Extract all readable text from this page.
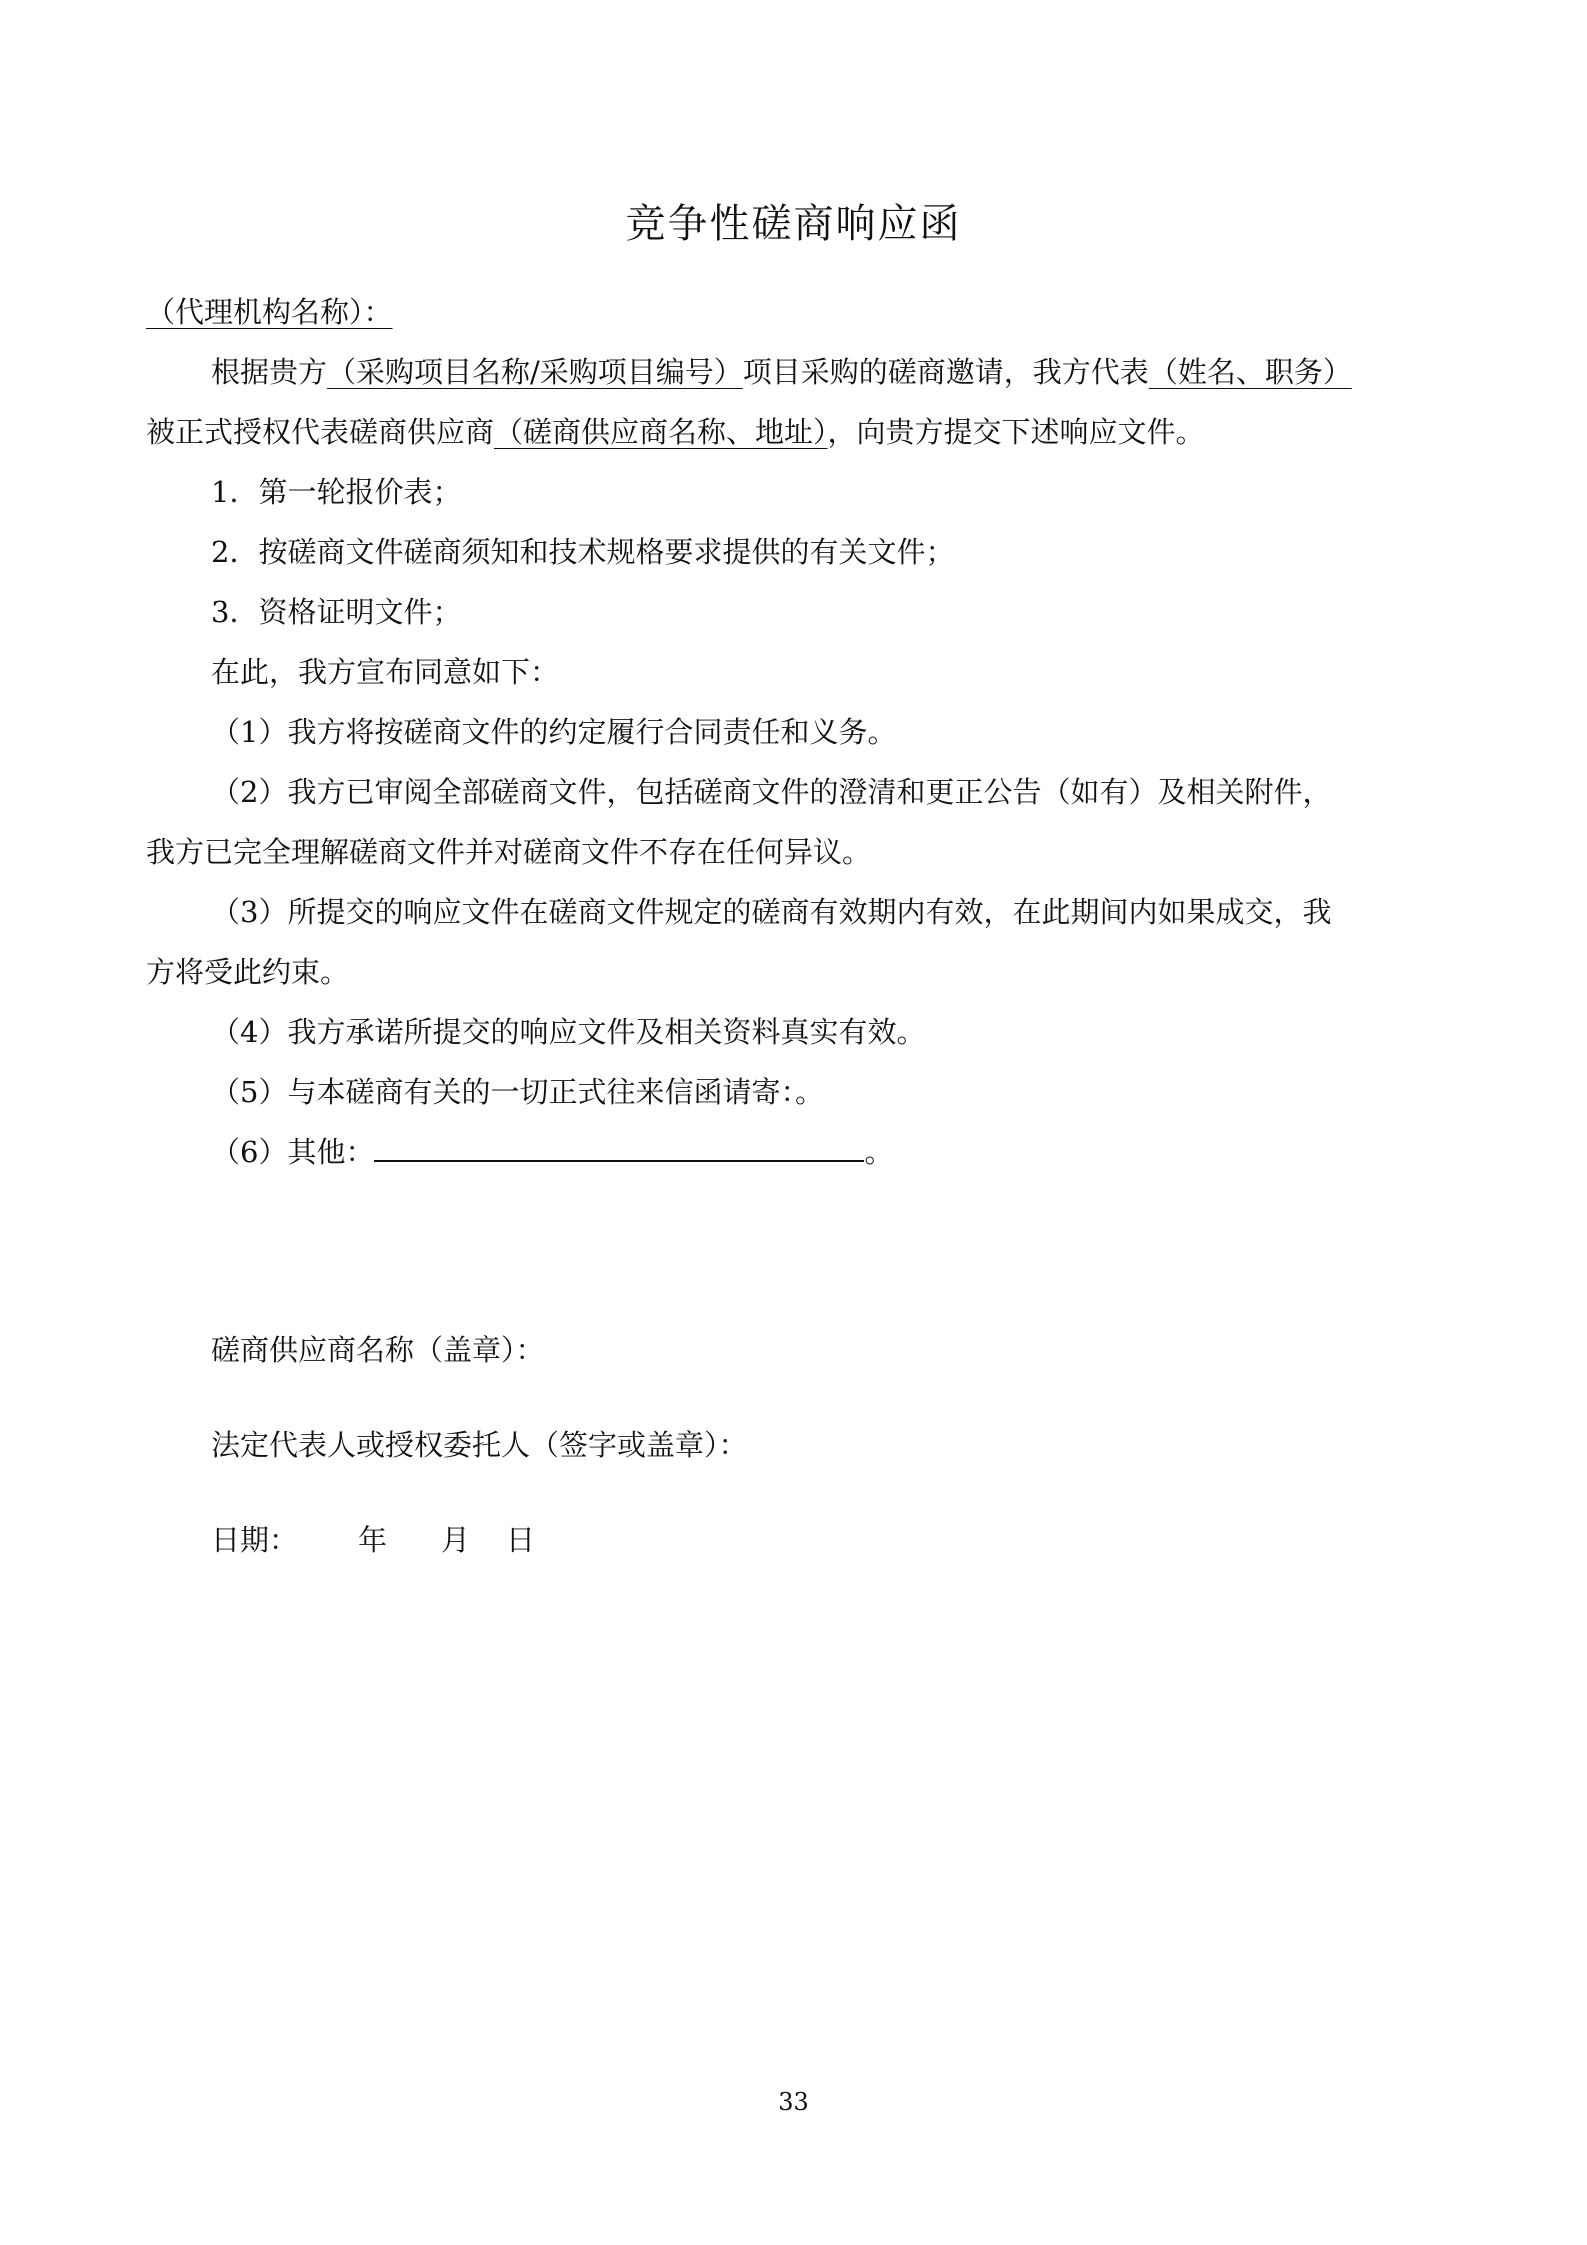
竞争性磋商响应函
（代理机构名称）：
根据贵方（采购项目名称/采购项目编号）项目采购的磋商邀请，我方代表（姓名、职务）
被正式授权代表磋商供应商（磋商供应商名称、地址），向贵方提交下述响应文件。
1．第一轮报价表；
2．按磋商文件磋商须知和技术规格要求提供的有关文件；
3．资格证明文件；
在此，我方宣布同意如下：
（1）我方将按磋商文件的约定履行合同责任和义务。
（2）我方已审阅全部磋商文件，包括磋商文件的澄清和更正公告（如有）及相关附件，
我方已完全理解磋商文件并对磋商文件不存在任何异议。
（3）所提交的响应文件在磋商文件规定的磋商有效期内有效，在此期间内如果成交，我
方将受此约束。
（4）我方承诺所提交的响应文件及相关资料真实有效。
（5）与本磋商有关的一切正式往来信函请寄：。
（6）其他：	。
磋商供应商名称（盖章）：
法定代表人或授权委托人（签字或盖章）：
日期： 年 月 日
33
